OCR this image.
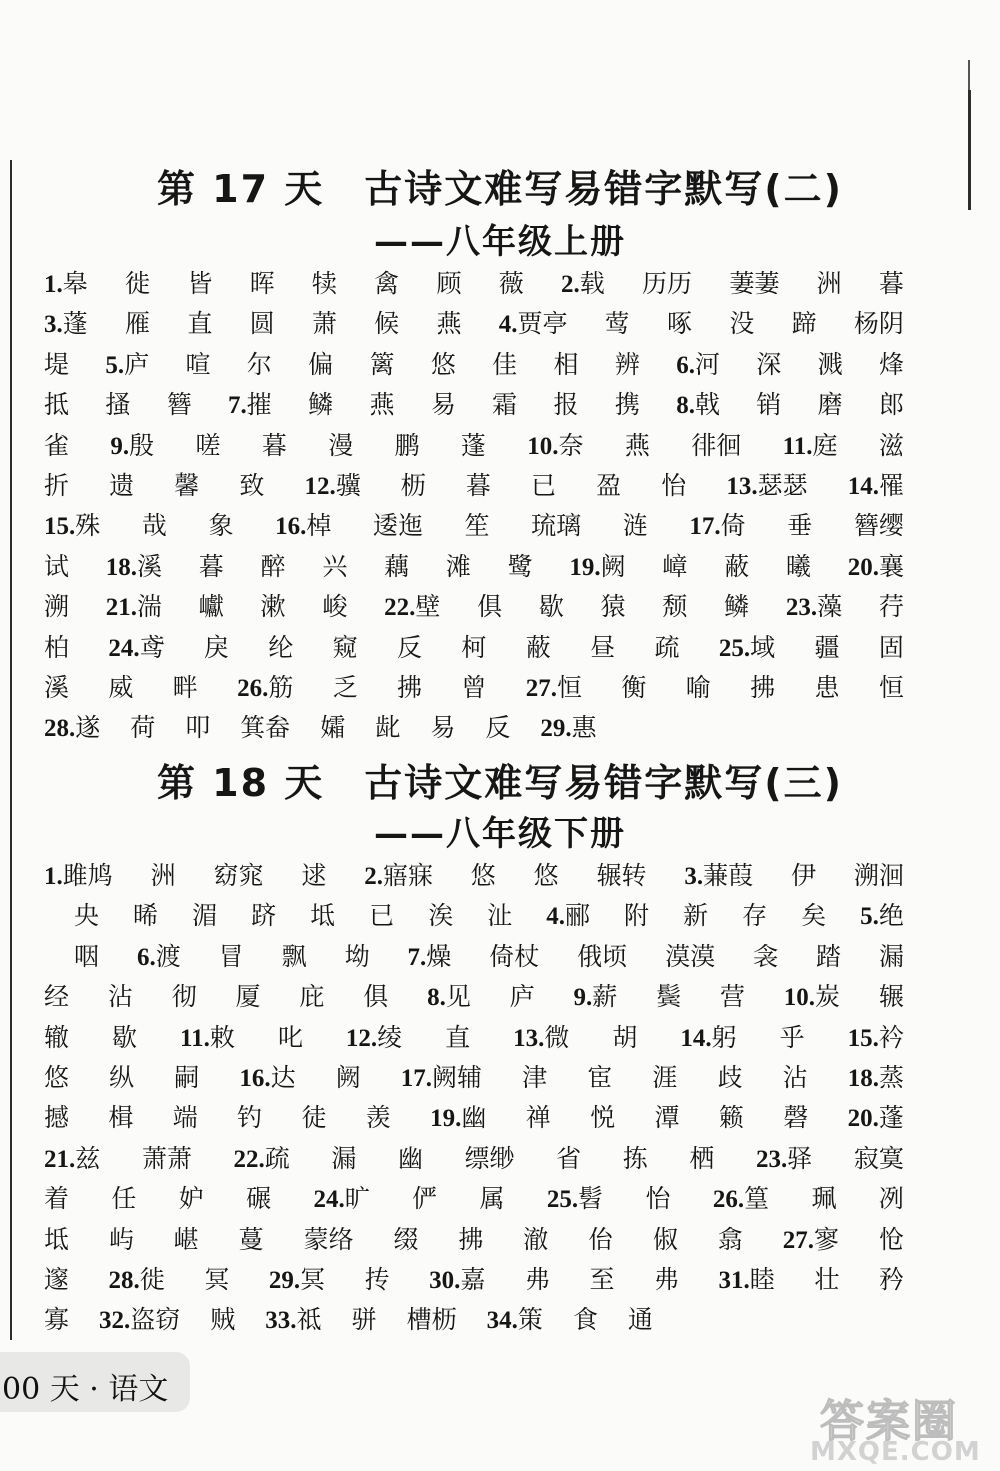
第 17 天　古诗文难写易错字默写(二)
——八年级上册
1.皋 徙 皆 晖 犊 禽 顾 薇 2.载 历历 萋萋 洲 暮
3.蓬 雁 直 圆 萧 候 燕 4.贾亭 莺 啄 没 蹄 杨阴
堤 5.庐 喧 尔 偏 篱 悠 佳 相 辨 6.河 深 溅 烽
抵 搔 簪 7.摧 鳞 燕 易 霜 报 携 8.戟 销 磨 郎
雀 9.殷 嗟 暮 漫 鹏 蓬 10.奈 燕 徘徊 11.庭 滋
折 遗 馨 致 12.骥 枥 暮 已 盈 怡 13.瑟瑟 14.罹
15.殊 哉 象 16.棹 逶迤 笙 琉璃 涟 17.倚 垂 簪缨
试 18.溪 暮 醉 兴 藕 滩 鹭 19.阙 嶂 蔽 曦 20.襄
溯 21.湍 巘 漱 峻 22.壁 俱 歇 猿 颓 鳞 23.藻 荇
柏 24.鸢 戾 纶 窥 反 柯 蔽 昼 疏 25.域 疆 固
溪 威 畔 26.筋 乏 拂 曾 27.恒 衡 喻 拂 患 恒
28.遂 荷 叩 箕畚 孀 龀 易 反 29.惠
第 18 天　古诗文难写易错字默写(三)
——八年级下册
1.雎鸠 洲 窈窕 逑 2.寤寐 悠 悠 辗转 3.蒹葭 伊 溯洄
央 晞 湄 跻 坻 已 涘 沚 4.郦 附 新 存 矣 5.绝
咽 6.渡 冒 飘 坳 7.燥 倚杖 俄顷 漠漠 衾 踏 漏
经 沾 彻 厦 庇 俱 8.见 庐 9.薪 鬓 营 10.炭 辗
辙 歇 11.敕 叱 12.绫 直 13.微 胡 14.躬 乎 15.衿
悠 纵 嗣 16.达 阙 17.阙辅 津 宦 涯 歧 沾 18.蒸
撼 楫 端 钓 徒 羡 19.幽 禅 悦 潭 籁 磬 20.蓬
21.兹 萧萧 22.疏 漏 幽 缥缈 省 拣 栖 23.驿 寂寞
着 任 妒 碾 24.旷 俨 属 25.髫 怡 26.篁 珮 冽
坻 屿 嵁 蔓 蒙络 缀 拂 澈 佁 俶 翕 27.寥 怆
邃 28.徙 冥 29.冥 抟 30.嘉 弗 至 弗 31.睦 壮 矜
寡 32.盗窃 贼 33.祗 骈 槽枥 34.策 食 通
00 天 · 语文
答案圈
MXQE.COM
